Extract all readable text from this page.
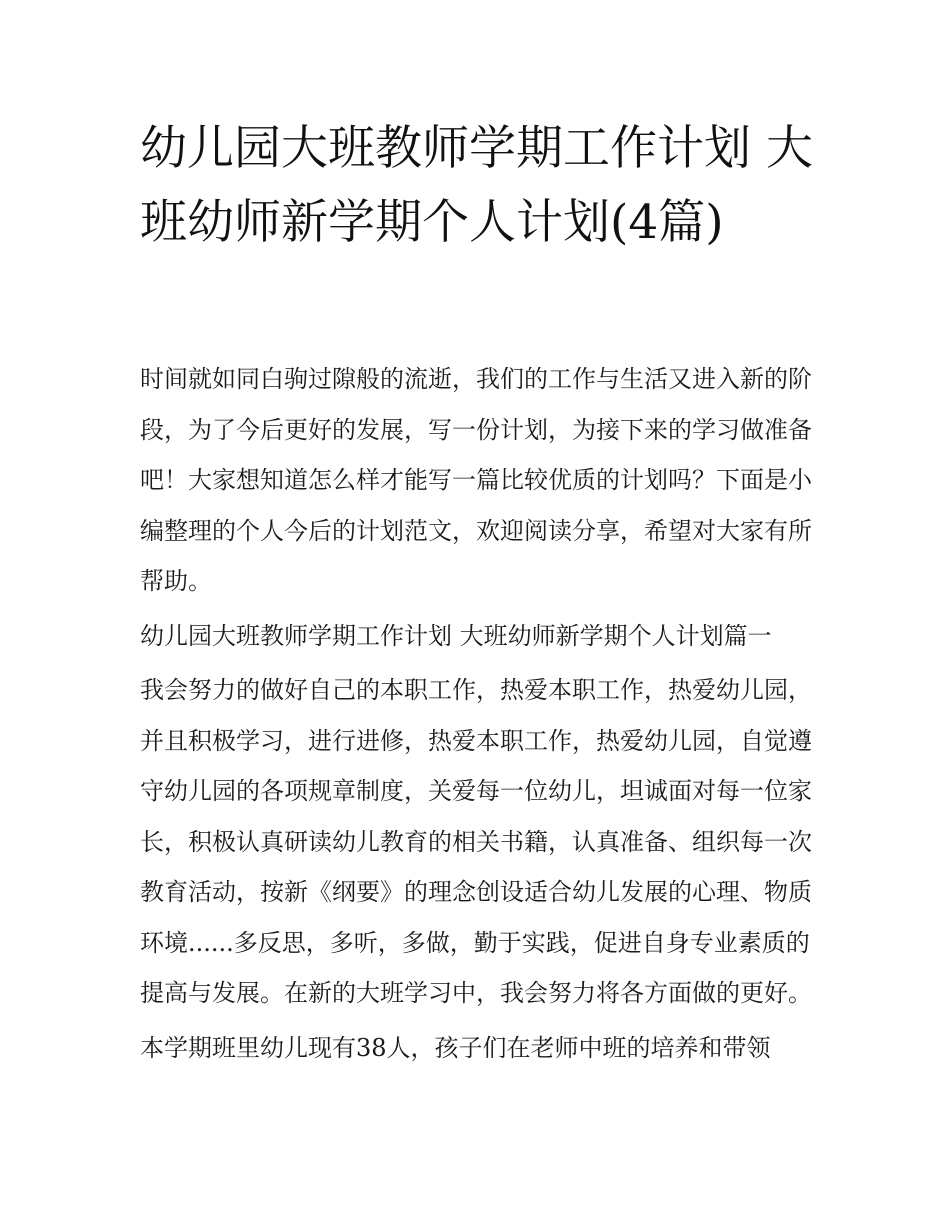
幼儿园大班教师学期工作计划 大班幼师新学期个人计划(4篇)

时间就如同白驹过隙般的流逝，我们的工作与生活又进入新的阶段，为了今后更好的发展，写一份计划，为接下来的学习做准备吧！大家想知道怎么样才能写一篇比较优质的计划吗？下面是小编整理的个人今后的计划范文，欢迎阅读分享，希望对大家有所帮助。

幼儿园大班教师学期工作计划 大班幼师新学期个人计划篇一

我会努力的做好自己的本职工作，热爱本职工作，热爱幼儿园，并且积极学习，进行进修，热爱本职工作，热爱幼儿园，自觉遵守幼儿园的各项规章制度，关爱每一位幼儿，坦诚面对每一位家长，积极认真研读幼儿教育的相关书籍，认真准备、组织每一次教育活动，按新《纲要》的理念创设适合幼儿发展的心理、物质环境......多反思，多听，多做，勤于实践，促进自身专业素质的提高与发展。在新的大班学习中，我会努力将各方面做的更好。

本学期班里幼儿现有38人，孩子们在老师中班的培养和带领
